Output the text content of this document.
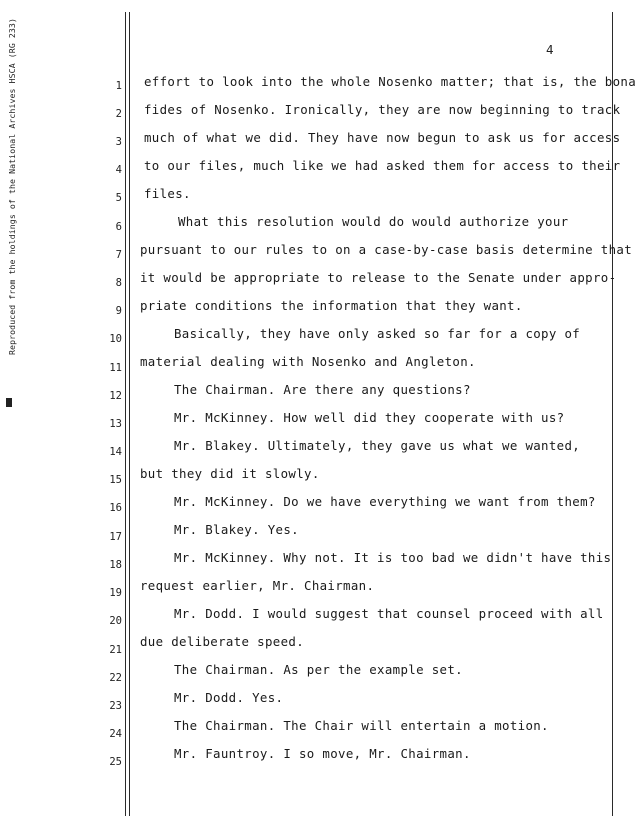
Reproduced from the holdings of the National Archives HSCA (RG 233)	4
1
2
3
4
5
6
7
8
9
10
11
12
13
14
15
16
17
18
19
20
21
22
23
24
25
effort to look into the whole Nosenko matter; that is, the bona
fides of Nosenko. Ironically, they are now beginning to track
much of what we did. They have now begun to ask us for access
to our files, much like we had asked them for access to their
files.
What this resolution would do would authorize your
pursuant to our rules to on a case-by-case basis determine that
it would be appropriate to release to the Senate under appro-
priate conditions the information that they want.
Basically, they have only asked so far for a copy of
material dealing with Nosenko and Angleton.
The Chairman. Are there any questions?
Mr. McKinney. How well did they cooperate with us?
Mr. Blakey. Ultimately, they gave us what we wanted,
but they did it slowly.
Mr. McKinney. Do we have everything we want from them?
Mr. Blakey. Yes.
Mr. McKinney. Why not. It is too bad we didn't have this
request earlier, Mr. Chairman.
Mr. Dodd. I would suggest that counsel proceed with all
due deliberate speed.
The Chairman. As per the example set.
Mr. Dodd. Yes.
The Chairman. The Chair will entertain a motion.
Mr. Fauntroy. I so move, Mr. Chairman.
